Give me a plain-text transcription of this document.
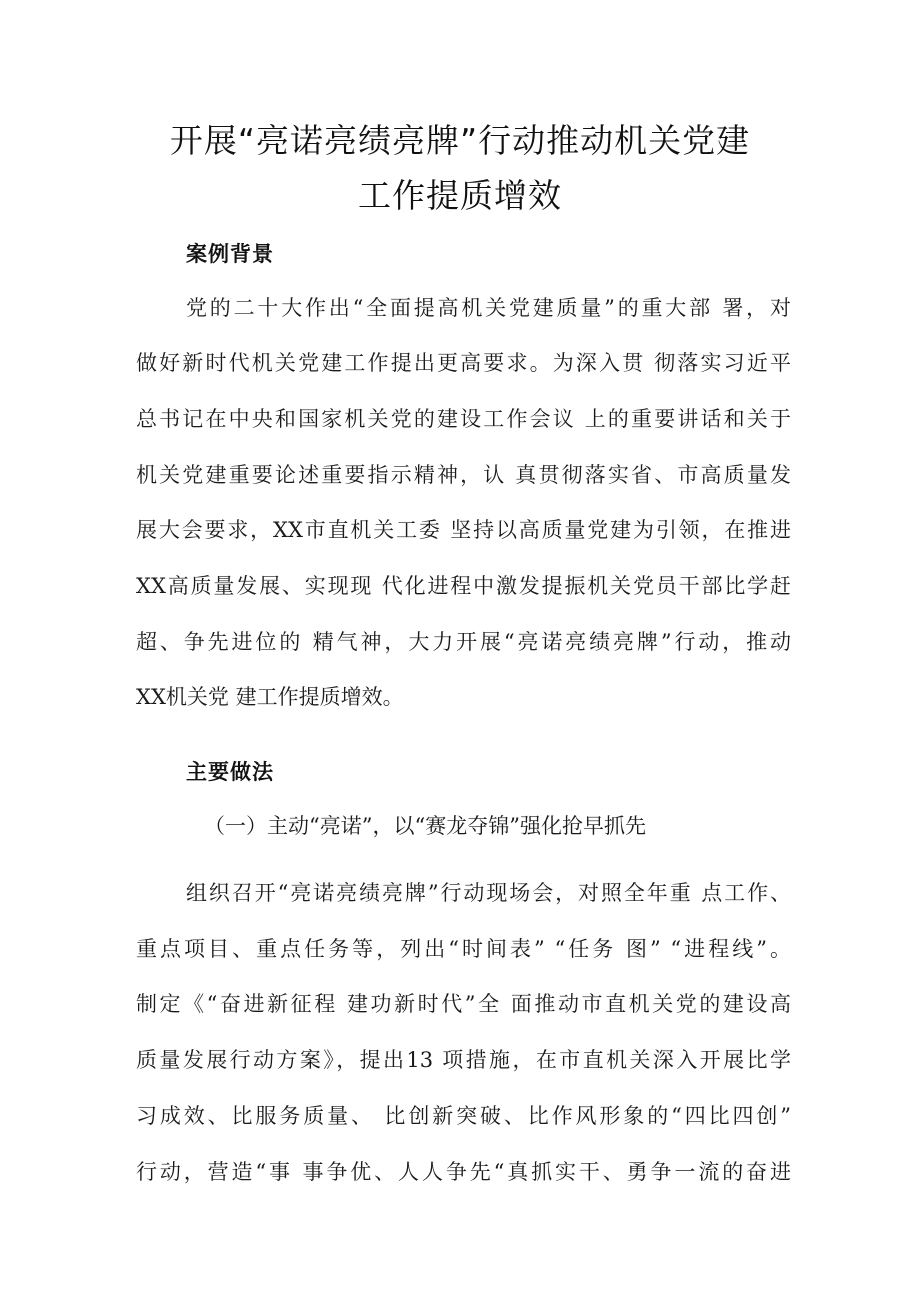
开展“亮诺亮绩亮牌”行动推动机关党建
工作提质增效
案例背景
党的二十大作出“全面提高机关党建质量”的重大部 署，对
做好新时代机关党建工作提出更高要求。为深入贯 彻落实习近平
总书记在中央和国家机关党的建设工作会议 上的重要讲话和关于
机关党建重要论述重要指示精神，认 真贯彻落实省、市高质量发
展大会要求，XX市直机关工委 坚持以高质量党建为引领，在推进
XX高质量发展、实现现 代化进程中激发提振机关党员干部比学赶
超、争先进位的 精气神，大力开展“亮诺亮绩亮牌”行动，推动
XX机关党 建工作提质增效。
主要做法
（一）主动“亮诺”，以“赛龙夺锦”强化抢早抓先
组织召开“亮诺亮绩亮牌”行动现场会，对照全年重 点工作、
重点项目、重点任务等，列出“时间表” “任务 图” “进程线”。
制定《“奋进新征程 建功新时代”全 面推动市直机关党的建设高
质量发展行动方案》，提出13 项措施，在市直机关深入开展比学
习成效、比服务质量、 比创新突破、比作风形象的“四比四创”
行动，营造“事 事争优、人人争先“真抓实干、勇争一流的奋进
